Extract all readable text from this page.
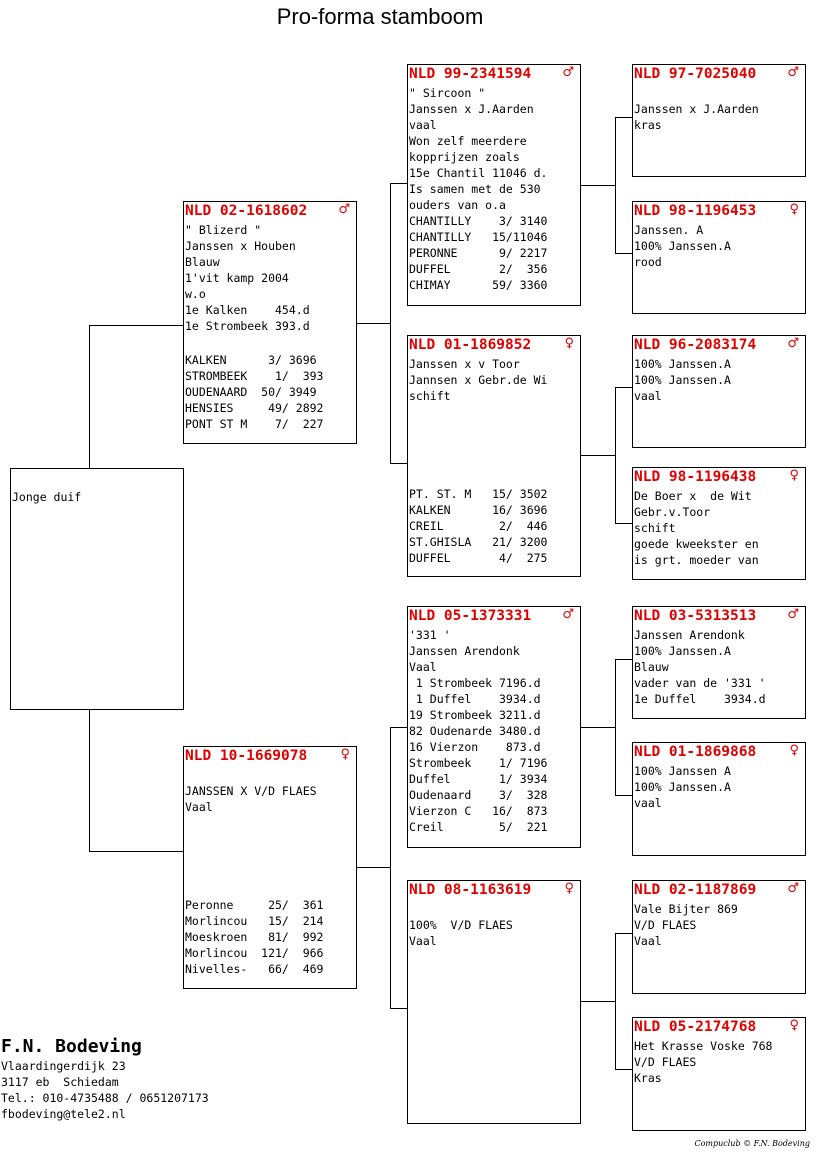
Pro-forma stamboom
Jonge duif
NLD 02-1618602 ♂
" Blizerd "
Janssen x Houben
Blauw
1'vit kamp 2004
w.o
1e Kalken    454.d
1e Strombeek 393.d
KALKEN      3/ 3696
STROMBEEK    1/  393
OUDENAARD  50/ 3949
HENSIES     49/ 2892
PONT ST M    7/  227
NLD 10-1669078	♀
JANSSEN X V/D FLAES
Vaal
Peronne     25/  361
Morlincou   15/  214
Moeskroen   81/  992
Morlincou  121/  966
Nivelles-   66/  469
NLD 99-2341594 ♂
" Sircoon "
Janssen x J.Aarden
vaal
Won zelf meerdere
kopprijzen zoals
15e Chantil 11046 d.
Is samen met de 530
ouders van o.a
CHANTILLY    3/ 3140
CHANTILLY   15/11046
PERONNE      9/ 2217
DUFFEL       2/  356
CHIMAY      59/ 3360
NLD 01-1869852	♀
Janssen x v Toor
Jannsen x Gebr.de Wi
schift
PT. ST. M   15/ 3502
KALKEN      16/ 3696
CREIL        2/  446
ST.GHISLA   21/ 3200
DUFFEL       4/  275
NLD 05-1373331 ♂
'331 '
Janssen Arendonk
Vaal
1 Strombeek 7196.d
1 Duffel    3934.d
19 Strombeek 3211.d
82 Oudenarde 3480.d
16 Vierzon    873.d
Strombeek    1/ 7196
Duffel       1/ 3934
Oudenaard    3/  328
Vierzon C   16/  873
Creil        5/  221
NLD 08-1163619	♀
100%  V/D FLAES
Vaal
NLD 97-7025040 ♂
Janssen x J.Aarden
kras
NLD 98-1196453	♀
Janssen. A
100% Janssen.A
rood
NLD 96-2083174 ♂
100% Janssen.A
100% Janssen.A
vaal
NLD 98-1196438	♀
De Boer x  de Wit
Gebr.v.Toor
schift
goede kweekster en
is grt. moeder van
NLD 03-5313513 ♂
Janssen Arendonk
100% Janssen.A
Blauw
vader van de '331 '
1e Duffel    3934.d
NLD 01-1869868	♀
100% Janssen A
100% Janssen.A
vaal
NLD 02-1187869 ♂
Vale Bijter 869
V/D FLAES
Vaal
NLD 05-2174768	♀
Het Krasse Voske 768
V/D FLAES
Kras
F.N. Bodeving
Vlaardingerdijk 23
3117 eb  Schiedam
Tel.: 010-4735488 / 0651207173
fbodeving@tele2.nl
Compuclub © F.N. Bodeving
